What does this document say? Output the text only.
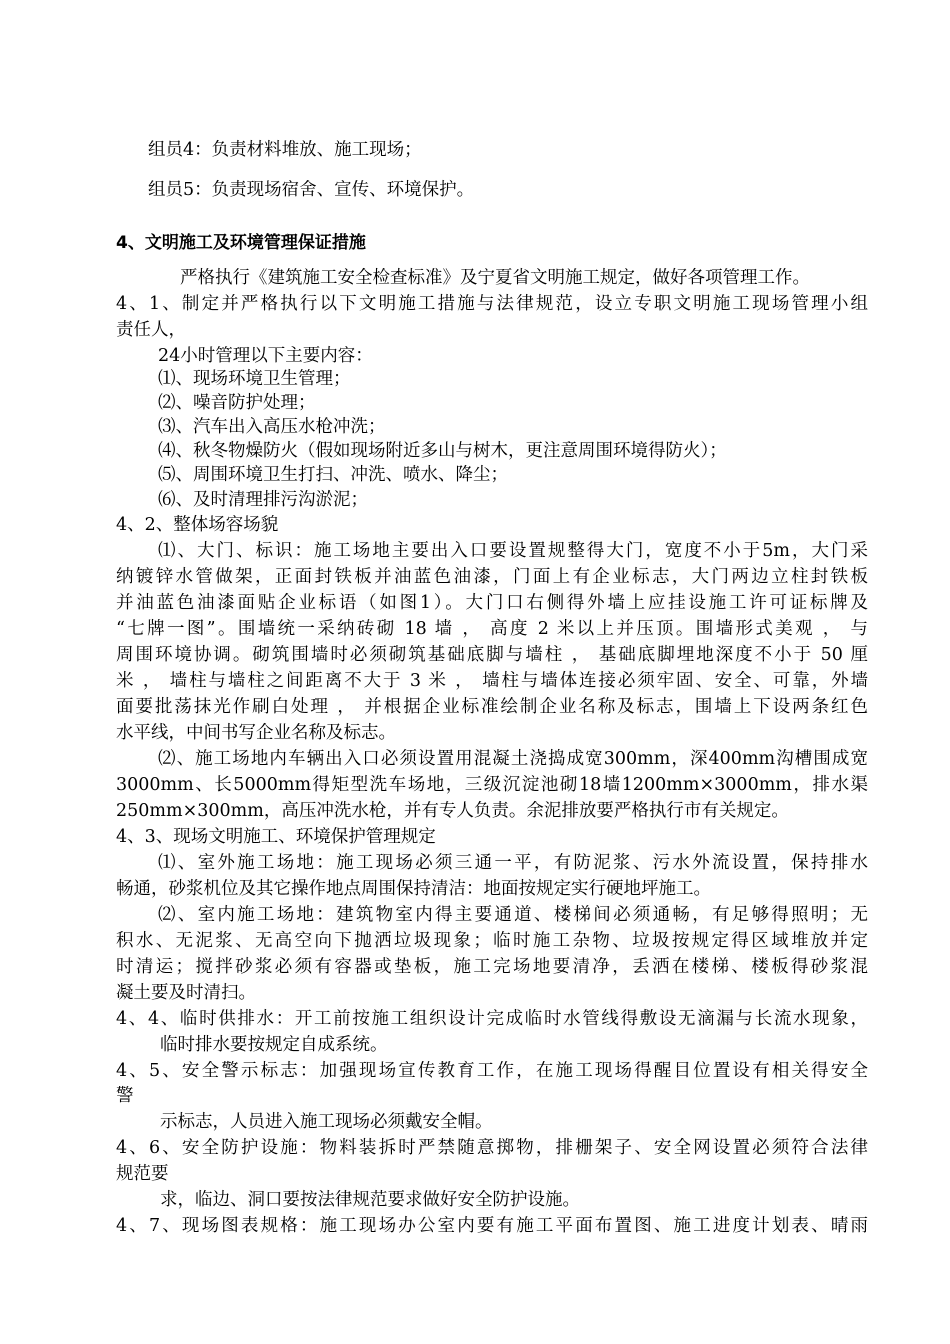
组员4：负责材料堆放、施工现场；
组员5：负责现场宿舍、宣传、环境保护。
4、文明施工及环境管理保证措施
严格执行《建筑施工安全检查标准》及宁夏省文明施工规定，做好各项管理工作。
4、1、制定并严格执行以下文明施工措施与法律规范，设立专职文明施工现场管理小组
责任人，
24小时管理以下主要内容：
⑴、现场环境卫生管理；
⑵、噪音防护处理；
⑶、汽车出入高压水枪冲洗；
⑷、秋冬物燥防火（假如现场附近多山与树木，更注意周围环境得防火）；
⑸、周围环境卫生打扫、冲洗、喷水、降尘；
⑹、及时清理排污沟淤泥；
4、2、整体场容场貌
⑴、大门、标识：施工场地主要出入口要设置规整得大门，宽度不小于5m，大门采
纳镀锌水管做架，正面封铁板并油蓝色油漆，门面上有企业标志，大门两边立柱封铁板
并油蓝色油漆面贴企业标语（如图1）。大门口右侧得外墙上应挂设施工许可证标牌及
“七牌一图”。围墙统一采纳砖砌 18 墙 ， 高度 2 米以上并压顶。围墙形式美观 ， 与
周围环境协调。砌筑围墙时必须砌筑基础底脚与墙柱 ， 基础底脚埋地深度不小于 50 厘
米 ， 墙柱与墙柱之间距离不大于 3 米 ， 墙柱与墙体连接必须牢固、安全、可靠，外墙
面要批荡抹光作刷白处理 ， 并根据企业标准绘制企业名称及标志，围墙上下设两条红色
水平线，中间书写企业名称及标志。
⑵、施工场地内车辆出入口必须设置用混凝土浇捣成宽300mm，深400mm沟槽围成宽
3000mm、长5000mm得矩型洗车场地，三级沉淀池砌18墙1200mm×3000mm，排水渠
250mm×300mm，高压冲洗水枪，并有专人负责。余泥排放要严格执行市有关规定。
4、3、现场文明施工、环境保护管理规定
⑴、室外施工场地：施工现场必须三通一平，有防泥浆、污水外流设置，保持排水
畅通，砂浆机位及其它操作地点周围保持清洁：地面按规定实行硬地坪施工。
⑵、室内施工场地：建筑物室内得主要通道、楼梯间必须通畅，有足够得照明；无
积水、无泥浆、无高空向下抛洒垃圾现象；临时施工杂物、垃圾按规定得区域堆放并定
时清运；搅拌砂浆必须有容器或垫板，施工完场地要清净，丢洒在楼梯、楼板得砂浆混
凝土要及时清扫。
4、4、临时供排水：开工前按施工组织设计完成临时水管线得敷设无滴漏与长流水现象，
临时排水要按规定自成系统。
4、5、安全警示标志：加强现场宣传教育工作，在施工现场得醒目位置设有相关得安全
警
示标志，人员进入施工现场必须戴安全帽。
4、6、安全防护设施：物料装拆时严禁随意掷物，排栅架子、安全网设置必须符合法律
规范要
求，临边、洞口要按法律规范要求做好安全防护设施。
4、7、现场图表规格：施工现场办公室内要有施工平面布置图、施工进度计划表、晴雨
